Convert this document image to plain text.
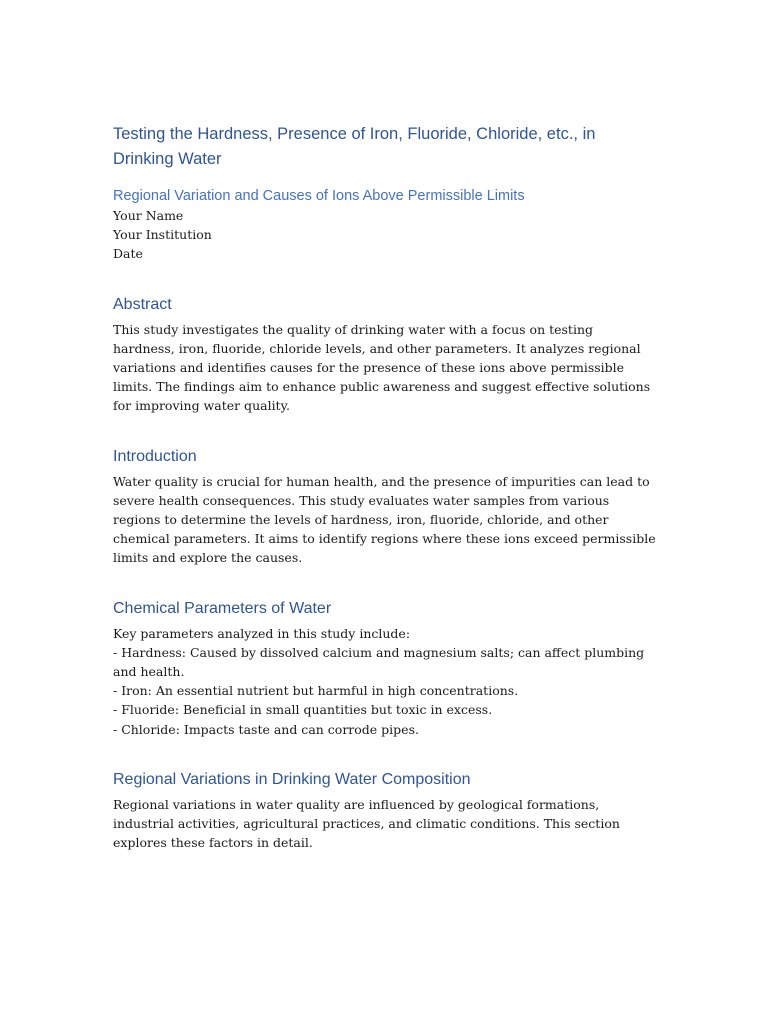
Testing the Hardness, Presence of Iron, Fluoride, Chloride, etc., in Drinking Water
Regional Variation and Causes of Ions Above Permissible Limits

Your Name

Your Institution

Date

Abstract

This study investigates the quality of drinking water with a focus on testing hardness, iron, fluoride, chloride levels, and other parameters. It analyzes regional variations and identifies causes for the presence of these ions above permissible limits. The findings aim to enhance public awareness and suggest effective solutions for improving water quality.

Introduction

Water quality is crucial for human health, and the presence of impurities can lead to severe health consequences. This study evaluates water samples from various regions to determine the levels of hardness, iron, fluoride, chloride, and other chemical parameters. It aims to identify regions where these ions exceed permissible limits and explore the causes.

Chemical Parameters of Water

Key parameters analyzed in this study include:

- Hardness: Caused by dissolved calcium and magnesium salts; can affect plumbing and health.

- Iron: An essential nutrient but harmful in high concentrations.

- Fluoride: Beneficial in small quantities but toxic in excess.

- Chloride: Impacts taste and can corrode pipes.

Regional Variations in Drinking Water Composition

Regional variations in water quality are influenced by geological formations, industrial activities, agricultural practices, and climatic conditions. This section explores these factors in detail.
